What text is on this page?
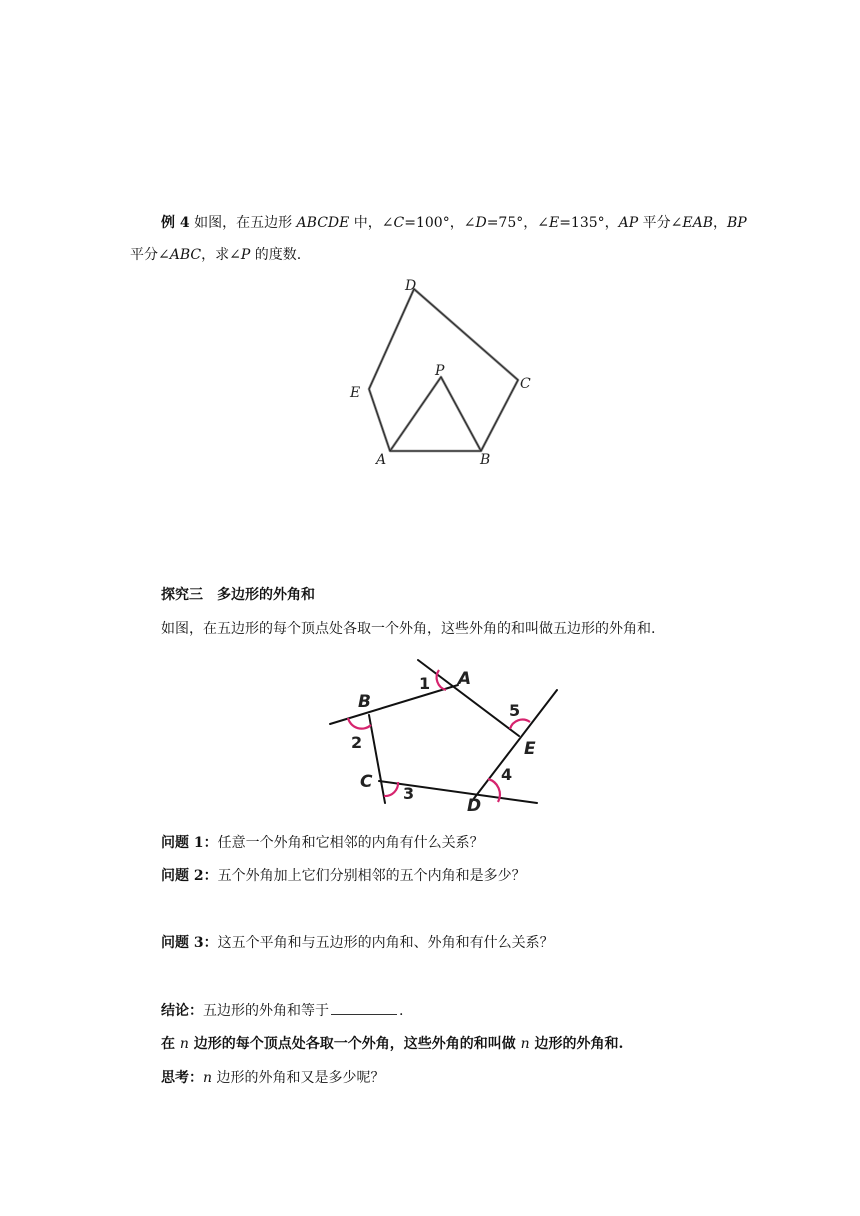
例 4 如图，在五边形 ABCDE 中，∠C=100°，∠D=75°，∠E=135°，AP 平分∠EAB，BP
平分∠ABC，求∠P 的度数.
D
P
C
E
A	B
探究三　多边形的外角和
如图，在五边形的每个顶点处各取一个外角，这些外角的和叫做五边形的外角和.
A
B
C
D
E
1
2
3
4
5
问题 1：任意一个外角和它相邻的内角有什么关系？
问题 2：五个外角加上它们分别相邻的五个内角和是多少？
问题 3：这五个平角和与五边形的内角和、外角和有什么关系？
结论：五边形的外角和等于	.
在 n 边形的每个顶点处各取一个外角，这些外角的和叫做 n 边形的外角和.
思考：n 边形的外角和又是多少呢？
